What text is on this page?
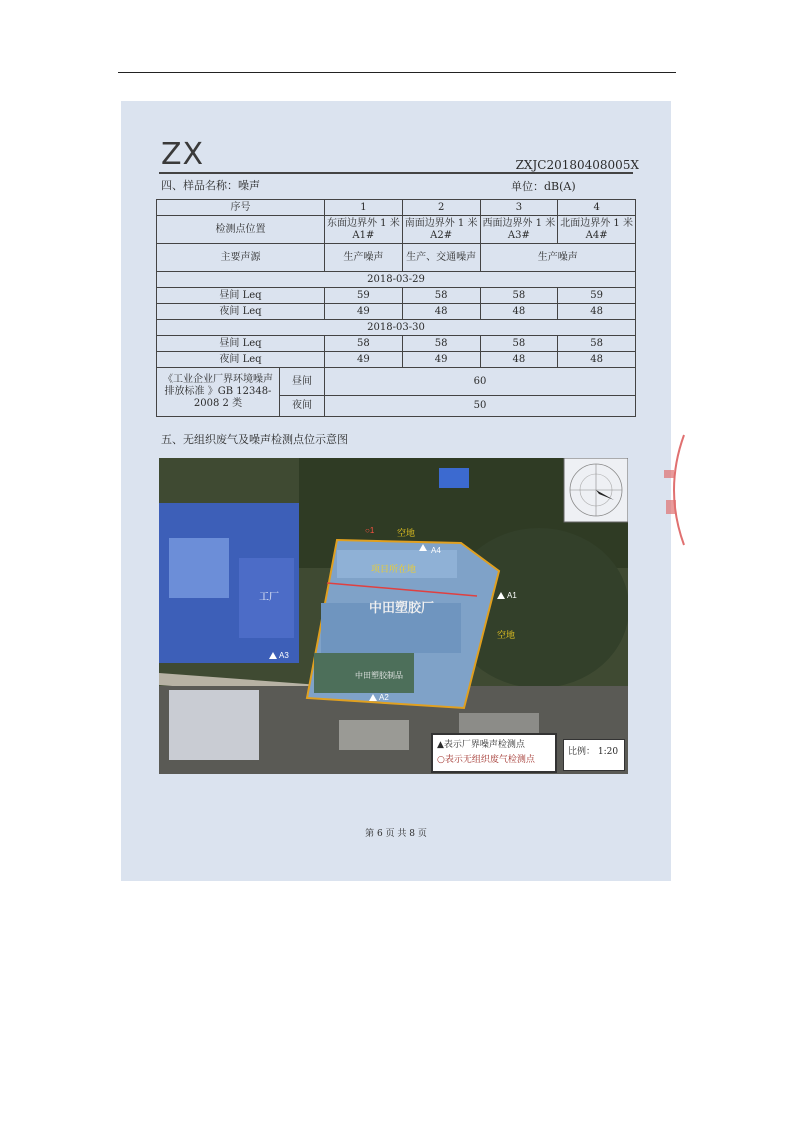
ZX	ZXJC20180408005X
四、样品名称：噪声	单位：dB(A)
序号		1	2	3	4
检测点位置		东面边界外 1 米 A1#	南面边界外 1 米 A2#	西面边界外 1 米 A3#	北面边界外 1 米 A4#
主要声源		生产噪声	生产、交通噪声	生产噪声	
2018-03-29					
昼间 Leq		59	58	58	59
夜间 Leq		49	48	48	48
2018-03-30					
昼间 Leq		58	58	58	58
夜间 Leq		49	49	48	48
《工业企业厂界环境噪声排放标准 》GB 12348-2008 2 类	昼间	60			
	夜间	50			
五、无组织废气及噪声检测点位示意图
项目所在地
中田塑胶厂
工厂
空地
空地
○1
A4
A1
A3
A2
中田塑胶制品
▲表示厂界噪声检测点
○表示无组织废气检测点
比例： 1:20
第 6 页 共 8 页
